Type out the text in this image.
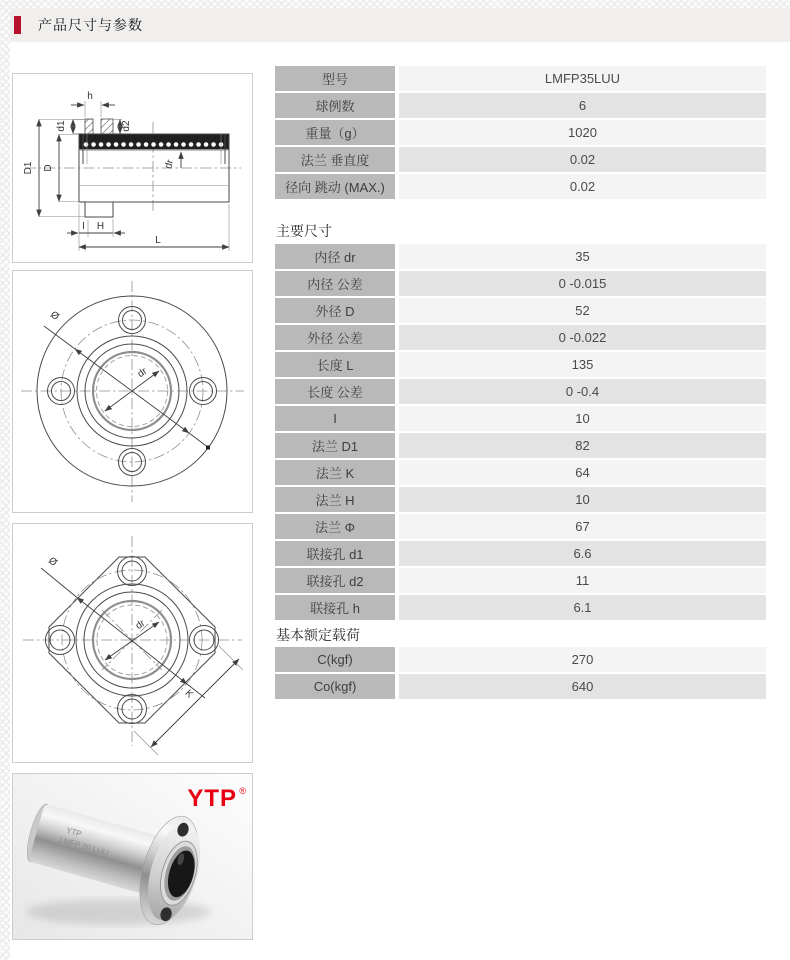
产品尺寸与参数
h
d1	d2
D1 D	dr
I H
L
Ø
dr
Ø
dr
K
YTP
LMFP 20 LUU
YTP ®
型号	LMFP35LUU
球例数	6
重量（g）	1020
法兰 垂直度	0.02
径向 跳动 (MAX.)	0.02
主要尺寸
内径 dr	35
内径 公差	0 -0.015
外径 D	52
外径 公差	0 -0.022
长度 L	135
长度 公差	0 -0.4
I	10
法兰 D1	82
法兰 K	64
法兰 H	10
法兰 Φ	67
联接孔 d1	6.6
联接孔 d2	11
联接孔 h	6.1
基本额定载荷
C(kgf)	270
Co(kgf)	640
